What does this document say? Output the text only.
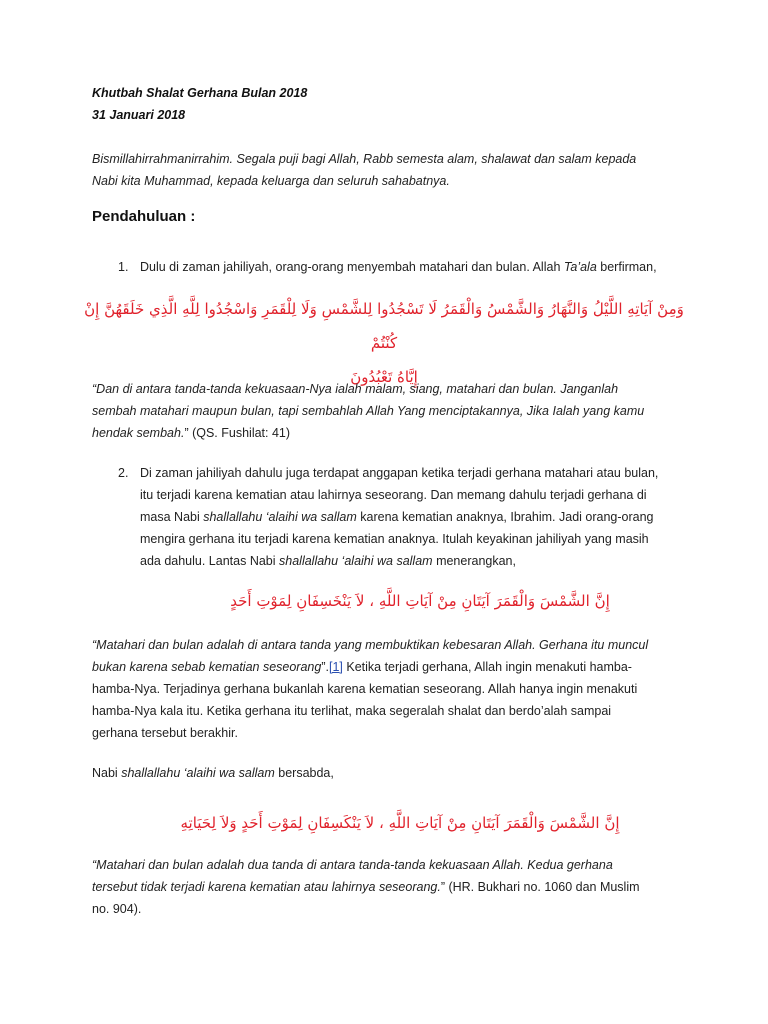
Khutbah Shalat Gerhana Bulan 2018
31 Januari 2018
Bismillahirrahmanirrahim. Segala puji bagi Allah, Rabb semesta alam, shalawat dan salam kepada
Nabi kita Muhammad, kepada keluarga dan seluruh sahabatnya.
Pendahuluan :
1. Dulu di zaman jahiliyah, orang-orang menyembah matahari dan bulan. Allah Ta’ala berfirman,
وَمِنْ آيَاتِهِ اللَّيْلُ وَالنَّهَارُ وَالشَّمْسُ وَالْقَمَرُ لَا تَسْجُدُوا لِلشَّمْسِ وَلَا لِلْقَمَرِ وَاسْجُدُوا لِلَّهِ الَّذِي خَلَقَهُنَّ إِنْ كُنْتُمْ
إِيَّاهُ تَعْبُدُونَ
“Dan di antara tanda-tanda kekuasaan-Nya ialah malam, siang, matahari dan bulan. Janganlah
sembah matahari maupun bulan, tapi sembahlah Allah Yang menciptakannya, Jika Ialah yang kamu
hendak sembah.” (QS. Fushilat: 41)
2. Di zaman jahiliyah dahulu juga terdapat anggapan ketika terjadi gerhana matahari atau bulan,
itu terjadi karena kematian atau lahirnya seseorang. Dan memang dahulu terjadi gerhana di
masa Nabi shallallahu ‘alaihi wa sallam karena kematian anaknya, Ibrahim. Jadi orang-orang
mengira gerhana itu terjadi karena kematian anaknya. Itulah keyakinan jahiliyah yang masih
ada dahulu. Lantas Nabi shallallahu ‘alaihi wa sallam menerangkan,
إِنَّ الشَّمْسَ وَالْقَمَرَ آيَتَانِ مِنْ آيَاتِ اللَّهِ ، لاَ يَنْخَسِفَانِ لِمَوْتِ أَحَدٍ
“Matahari dan bulan adalah di antara tanda yang membuktikan kebesaran Allah. Gerhana itu muncul
bukan karena sebab kematian seseorang”.[1] Ketika terjadi gerhana, Allah ingin menakuti hamba-
hamba-Nya. Terjadinya gerhana bukanlah karena kematian seseorang. Allah hanya ingin menakuti
hamba-Nya kala itu. Ketika gerhana itu terlihat, maka segeralah shalat dan berdo’alah sampai
gerhana tersebut berakhir.
Nabi shallallahu ‘alaihi wa sallam bersabda,
إِنَّ الشَّمْسَ وَالْقَمَرَ آيَتَانِ مِنْ آيَاتِ اللَّهِ ، لاَ يَنْكَسِفَانِ لِمَوْتِ أَحَدٍ وَلاَ لِحَيَاتِهِ
“Matahari dan bulan adalah dua tanda di antara tanda-tanda kekuasaan Allah. Kedua gerhana
tersebut tidak terjadi karena kematian atau lahirnya seseorang.” (HR. Bukhari no. 1060 dan Muslim
no. 904).
